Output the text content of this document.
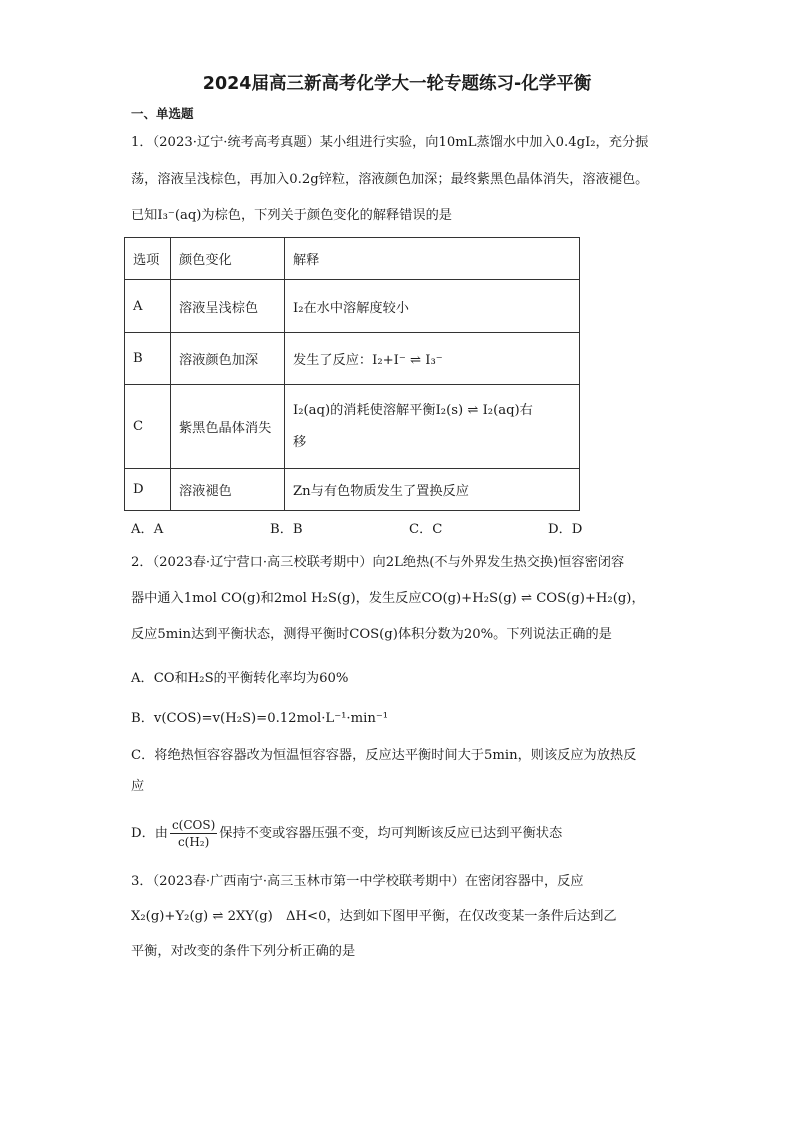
2024届高三新高考化学大一轮专题练习-化学平衡
一、单选题
1．（2023·辽宁·统考高考真题）某小组进行实验，向10mL蒸馏水中加入0.4gI₂，充分振
荡，溶液呈浅棕色，再加入0.2g锌粒，溶液颜色加深；最终紫黑色晶体消失，溶液褪色。
已知I₃⁻(aq)为棕色，下列关于颜色变化的解释错误的是
选项	颜色变化	解释
A	溶液呈浅棕色	I₂在水中溶解度较小
B	溶液颜色加深	发生了反应：I₂+I⁻ ⇌ I₃⁻
C	紫黑色晶体消失	I₂(aq)的消耗使溶解平衡I₂(s) ⇌ I₂(aq)右
移

D	溶液褪色	Zn与有色物质发生了置换反应
A．A	B．B	C．C	D．D
2．（2023春·辽宁营口·高三校联考期中）向2L绝热(不与外界发生热交换)恒容密闭容
器中通入1mol CO(g)和2mol H₂S(g)，发生反应CO(g)+H₂S(g) ⇌ COS(g)+H₂(g)，
反应5min达到平衡状态，测得平衡时COS(g)体积分数为20%。下列说法正确的是
A．CO和H₂S的平衡转化率均为60%
B．v(COS)=v(H₂S)=0.12mol·L⁻¹·min⁻¹
C．将绝热恒容容器改为恒温恒容容器，反应达平衡时间大于5min，则该反应为放热反
应
D．由 $\frac{\text{c(COS)}}{\text{c(H₂)}}$ 保持不变或容器压强不变，均可判断该反应已达到平衡状态
3．（2023春·广西南宁·高三玉林市第一中学校联考期中）在密闭容器中，反应
X₂(g)+Y₂(g) ⇌ 2XY(g)　ΔH<0，达到如下图甲平衡，在仅改变某一条件后达到乙
平衡，对改变的条件下列分析正确的是
